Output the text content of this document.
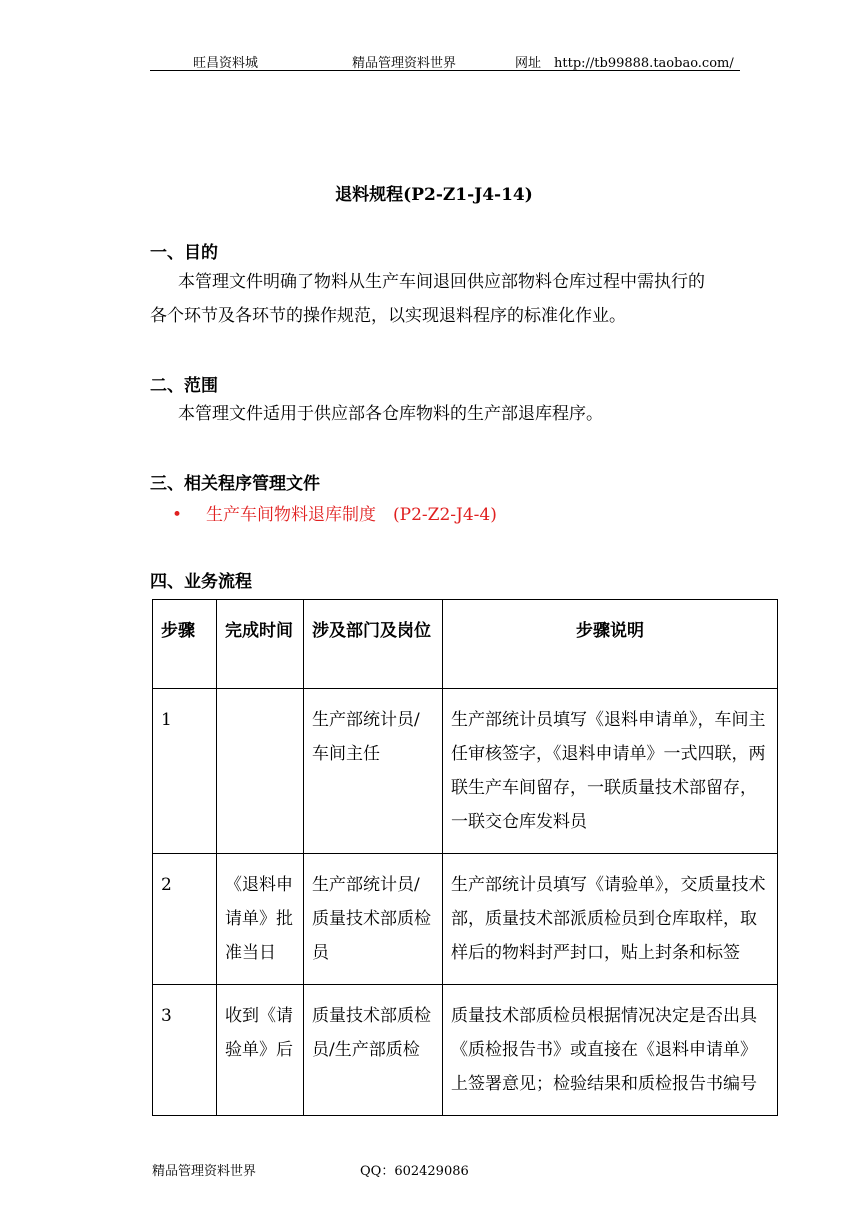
旺昌资料城	精品管理资料世界	网址　http://tb99888.taobao.com/
退料规程(P2-Z1-J4-14)
一、目的
本管理文件明确了物料从生产车间退回供应部物料仓库过程中需执行的
各个环节及各环节的操作规范，以实现退料程序的标准化作业。
二、范围
本管理文件适用于供应部各仓库物料的生产部退库程序。
三、相关程序管理文件
• 生产车间物料退库制度　(P2-Z2-J4-4)
四、业务流程
步骤	完成时间	涉及部门及岗位	步骤说明
1		生产部统计员/车间主任	生产部统计员填写《退料申请单》，车间主任审核签字，《退料申请单》一式四联，两联生产车间留存，一联质量技术部留存，一联交仓库发料员
2	《退料申请单》批准当日	生产部统计员/质量技术部质检员	生产部统计员填写《请验单》，交质量技术部，质量技术部派质检员到仓库取样，取样后的物料封严封口，贴上封条和标签
3	收到《请验单》后	质量技术部质检员/生产部质检	质量技术部质检员根据情况决定是否出具《质检报告书》或直接在《退料申请单》上签署意见；检验结果和质检报告书编号
精品管理资料世界	QQ：602429086
